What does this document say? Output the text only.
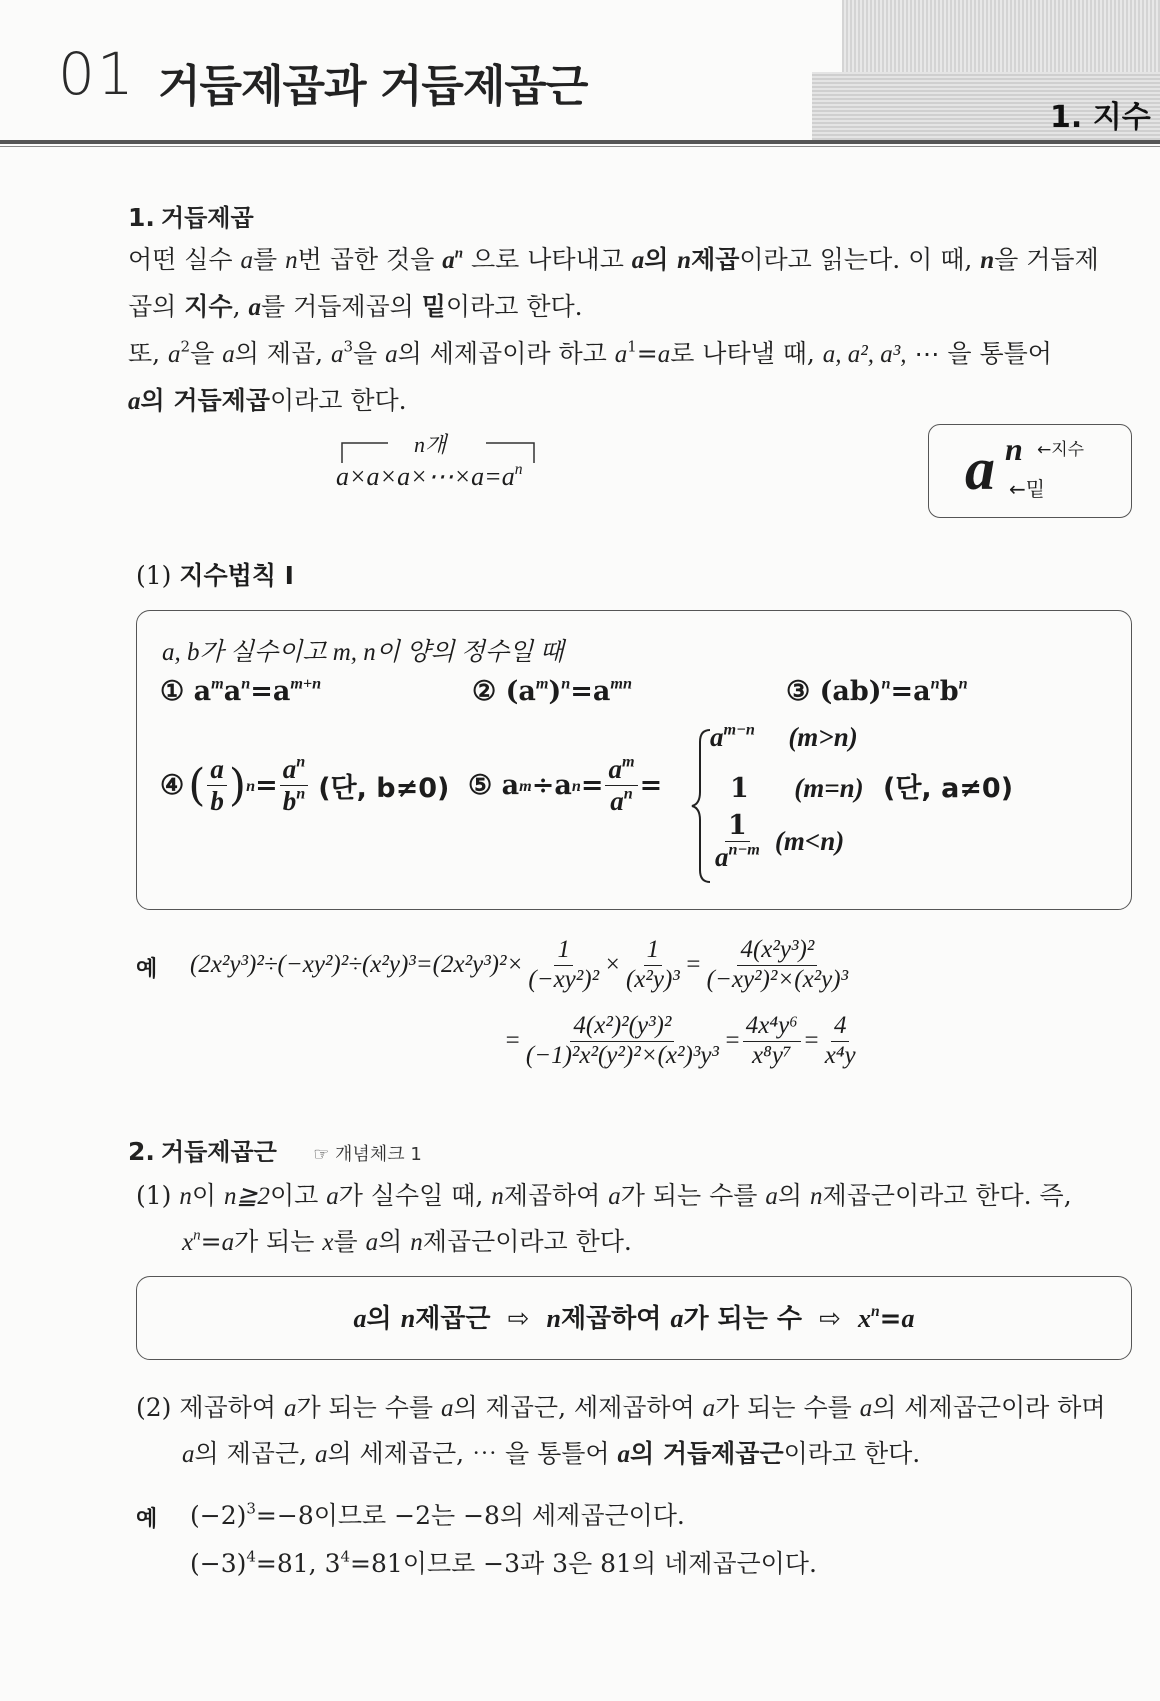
01 거듭제곱과 거듭제곱근
1. 지수
1. 거듭제곱
어떤 실수 a를 n번 곱한 것을 $a^n$ 으로 나타내고 a의 n제곱이라고 읽는다. 이 때, n을 거듭제
곱의 지수, a를 거듭제곱의 밑이라고 한다.
또, $a^2$을 a의 제곱, $a^3$을 a의 세제곱이라 하고 $a^1=a$로 나타낼 때, a, a², a³, ⋯ 을 통틀어
a의 거듭제곱이라고 한다.
n개
$a\times a\times a\times\cdots\times a=a^n$	a n ←지수
←밑
(1) 지수법칙 Ⅰ
a, b가 실수이고 m, n이 양의 정수일 때
① $a^ma^n=a^{m+n}$	② $(a^m)^n=a^{mn}$	③ $(ab)^n=a^nb^n$
④ ( $\frac{a}{b}$ ) $n = \frac{a^n}{b^n}$ (단, b≠0) ⑤ a m ÷a $n = \frac{a^m}{a^n}$ =
$a^{m-n}$ (m>n)
1 (m=n) (단, a≠0)
$\frac{1}{a^{n-m}} (m<n)$
예 $(2x^2y^3)^2\div(-xy^2)^2\div(x^2y)^3=(2x^2y^3)^2\times \frac{1}{\text{(−xy²)²}} \times \frac{1}{\text{(x²y)³}} = \frac{\text{4(x²y³)²}}{\text{(−xy²)²×(x²y)³}}$
= $\frac{\text{4(x²)²(y³)²}}{\text{(−1)²x²(y²)²×(x²)³y³}} = \frac{\text{4x⁴y⁶}}{\text{x⁸y⁷}} = \frac{4}{\text{x⁴y}}$
2. 거듭제곱근 ☞ 개념체크 1
(1) n이 n≧2이고 a가 실수일 때, n제곱하여 a가 되는 수를 a의 n제곱근이라고 한다. 즉,
$x^n=a$가 되는 x를 a의 n제곱근이라고 한다.
a의 n제곱근 ⇨ n제곱하여 a가 되는 수 ⇨ $x^n=a$
(2) 제곱하여 a가 되는 수를 a의 제곱근, 세제곱하여 a가 되는 수를 a의 세제곱근이라 하며
a의 제곱근, a의 세제곱근, ⋯ 을 통틀어 a의 거듭제곱근이라고 한다.
예 $(-2)^3=-8$이므로 −2는 −8의 세제곱근이다.
$(-3)^4=81$, $3^4=81$이므로 −3과 3은 81의 네제곱근이다.
